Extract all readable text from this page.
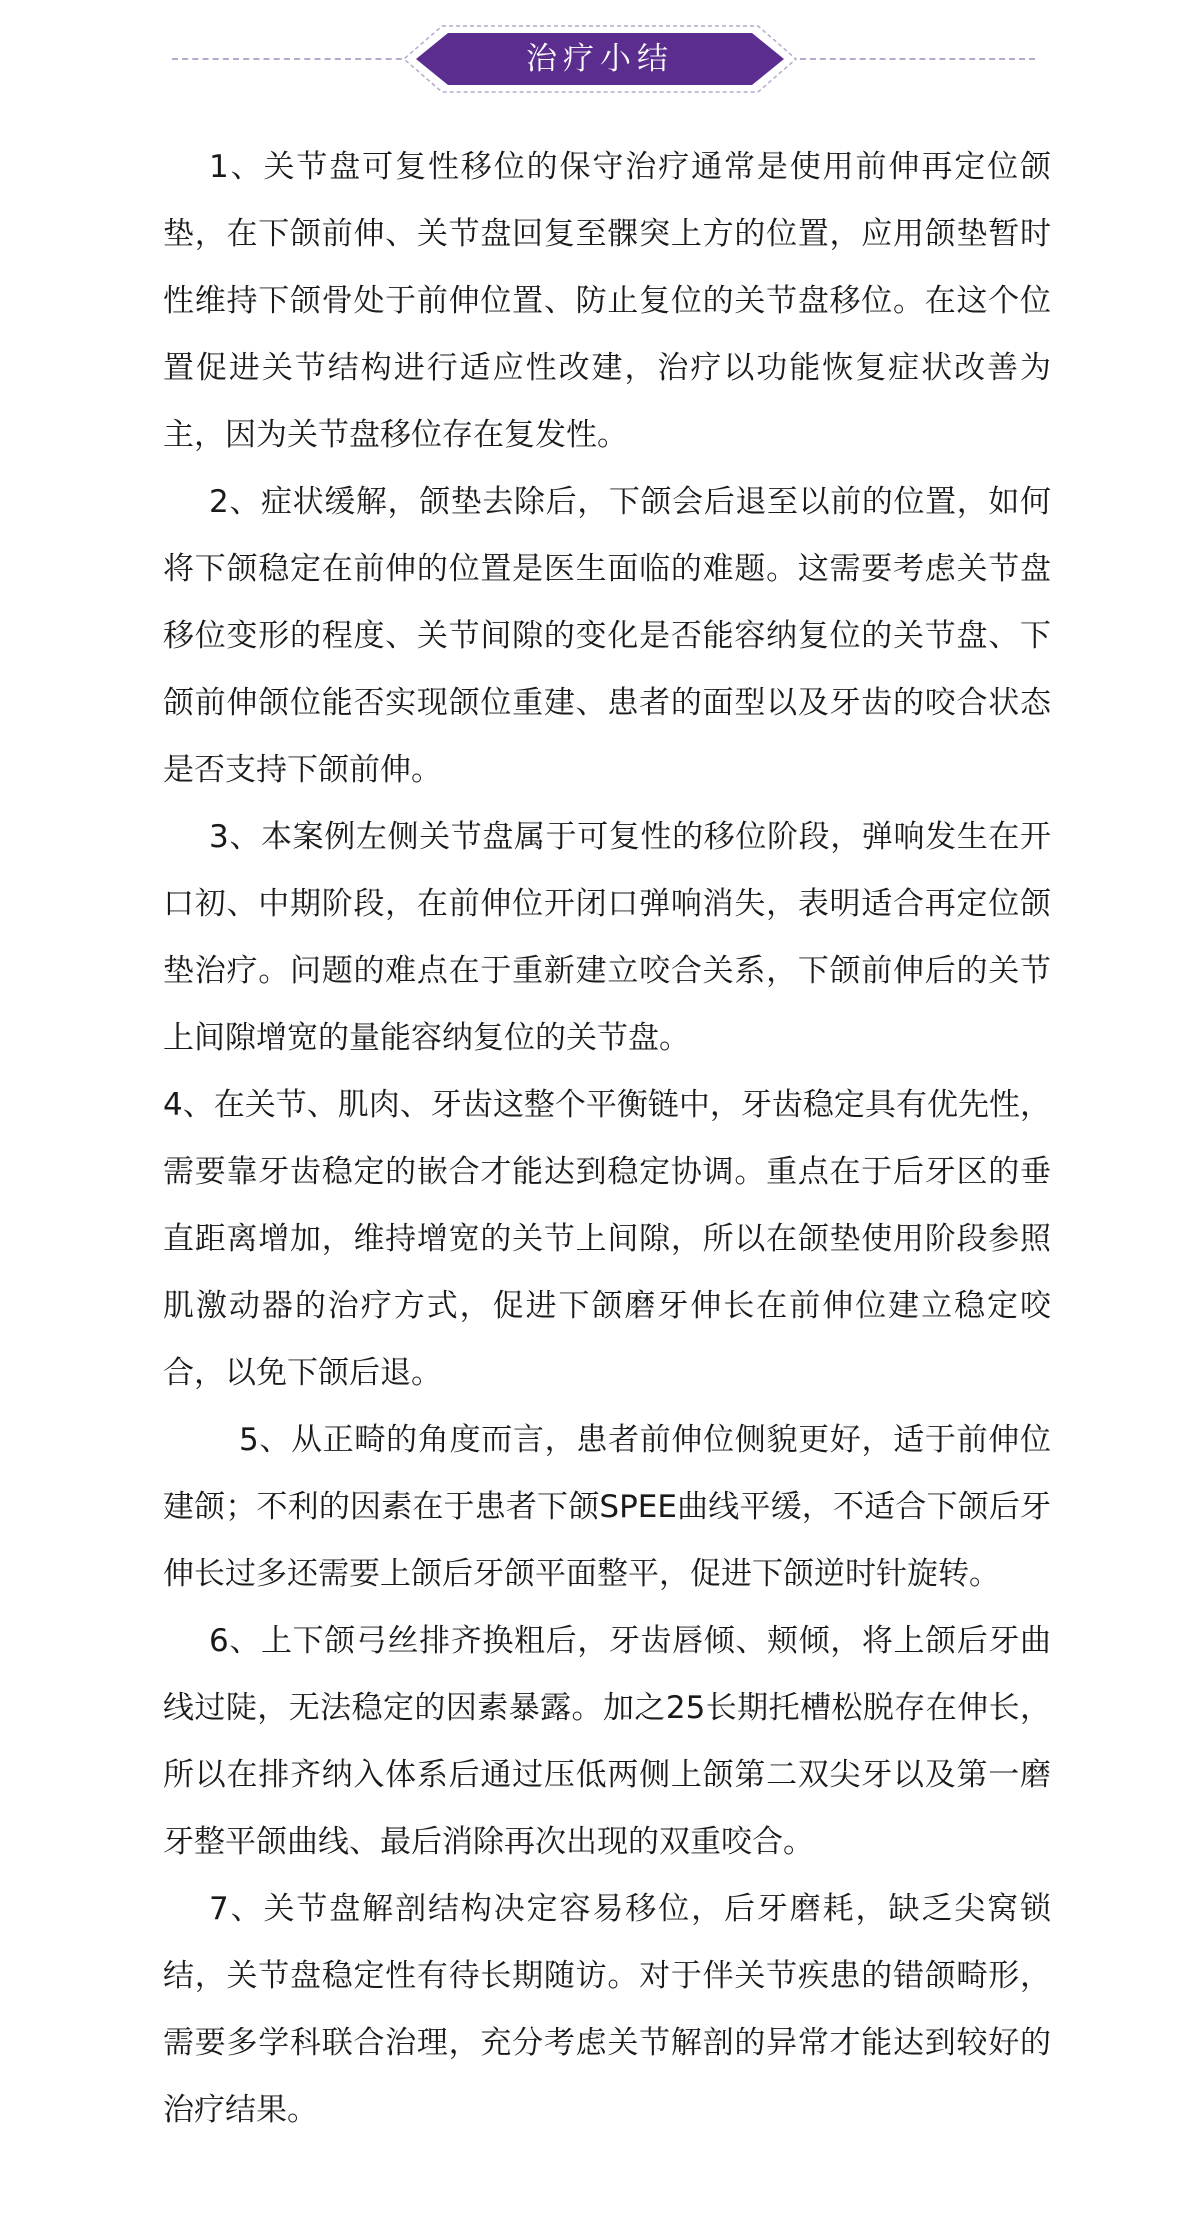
治疗小结

1、关节盘可复性移位的保守治疗通常是使用前伸再定位颌垫，在下颌前伸、关节盘回复至髁突上方的位置，应用颌垫暂时性维持下颌骨处于前伸位置、防止复位的关节盘移位。在这个位置促进关节结构进行适应性改建，治疗以功能恢复症状改善为主，因为关节盘移位存在复发性。

2、症状缓解，颌垫去除后，下颌会后退至以前的位置，如何将下颌稳定在前伸的位置是医生面临的难题。这需要考虑关节盘移位变形的程度、关节间隙的变化是否能容纳复位的关节盘、下颌前伸颌位能否实现颌位重建、患者的面型以及牙齿的咬合状态是否支持下颌前伸。

3、本案例左侧关节盘属于可复性的移位阶段，弹响发生在开口初、中期阶段，在前伸位开闭口弹响消失，表明适合再定位颌垫治疗。问题的难点在于重新建立咬合关系，下颌前伸后的关节上间隙增宽的量能容纳复位的关节盘。

4、在关节、肌肉、牙齿这整个平衡链中，牙齿稳定具有优先性，需要靠牙齿稳定的嵌合才能达到稳定协调。重点在于后牙区的垂直距离增加，维持增宽的关节上间隙，所以在颌垫使用阶段参照肌激动器的治疗方式，促进下颌磨牙伸长在前伸位建立稳定咬合，以免下颌后退。

5、从正畸的角度而言，患者前伸位侧貌更好，适于前伸位建颌；不利的因素在于患者下颌SPEE曲线平缓，不适合下颌后牙伸长过多还需要上颌后牙颌平面整平，促进下颌逆时针旋转。

6、上下颌弓丝排齐换粗后，牙齿唇倾、颊倾，将上颌后牙曲线过陡，无法稳定的因素暴露。加之25长期托槽松脱存在伸长，所以在排齐纳入体系后通过压低两侧上颌第二双尖牙以及第一磨牙整平颌曲线、最后消除再次出现的双重咬合。

7、关节盘解剖结构决定容易移位，后牙磨耗，缺乏尖窝锁结，关节盘稳定性有待长期随访。对于伴关节疾患的错颌畸形，需要多学科联合治理，充分考虑关节解剖的异常才能达到较好的治疗结果。
